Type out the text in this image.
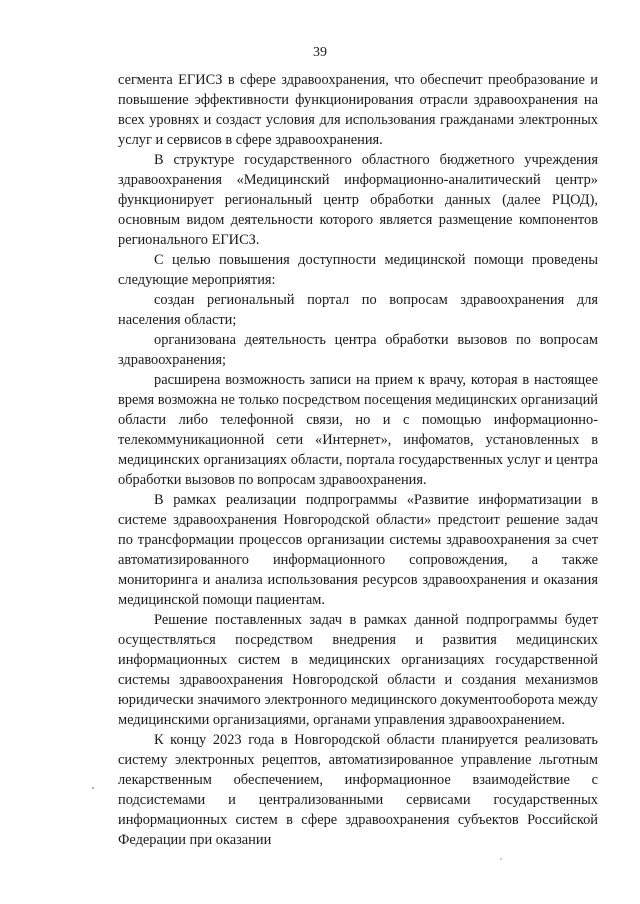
39

сегмента ЕГИСЗ в сфере здравоохранения, что обеспечит преобразование и повышение эффективности функционирования отрасли здравоохранения на всех уровнях и создаст условия для использования гражданами электронных услуг и сервисов в сфере здравоохранения.

В структуре государственного областного бюджетного учреждения здравоохранения «Медицинский информационно-аналитический центр» функционирует региональный центр обработки данных (далее РЦОД), основным видом деятельности которого является размещение компонентов регионального ЕГИСЗ.

С целью повышения доступности медицинской помощи проведены следующие мероприятия:

создан региональный портал по вопросам здравоохранения для населения области;

организована деятельность центра обработки вызовов по вопросам здравоохранения;

расширена возможность записи на прием к врачу, которая в настоящее время возможна не только посредством посещения медицинских организаций области либо телефонной связи, но и с помощью информационно-телекоммуникационной сети «Интернет», инфоматов, установленных в медицинских организациях области, портала государственных услуг и центра обработки вызовов по вопросам здравоохранения.

В рамках реализации подпрограммы «Развитие информатизации в системе здравоохранения Новгородской области» предстоит решение задач по трансформации процессов организации системы здравоохранения за счет автоматизированного информационного сопровождения, а также мониторинга и анализа использования ресурсов здравоохранения и оказания медицинской помощи пациентам.

Решение поставленных задач в рамках данной подпрограммы будет осуществляться посредством внедрения и развития медицинских информационных систем в медицинских организациях государственной системы здравоохранения Новгородской области и создания механизмов юридически значимого электронного медицинского документооборота между медицинскими организациями, органами управления здравоохранением.

К концу 2023 года в Новгородской области планируется реализовать систему электронных рецептов, автоматизированное управление льготным лекарственным обеспечением, информационное взаимодействие с подсистемами и централизованными сервисами государственных информационных систем в сфере здравоохранения субъектов Российской Федерации при оказании
